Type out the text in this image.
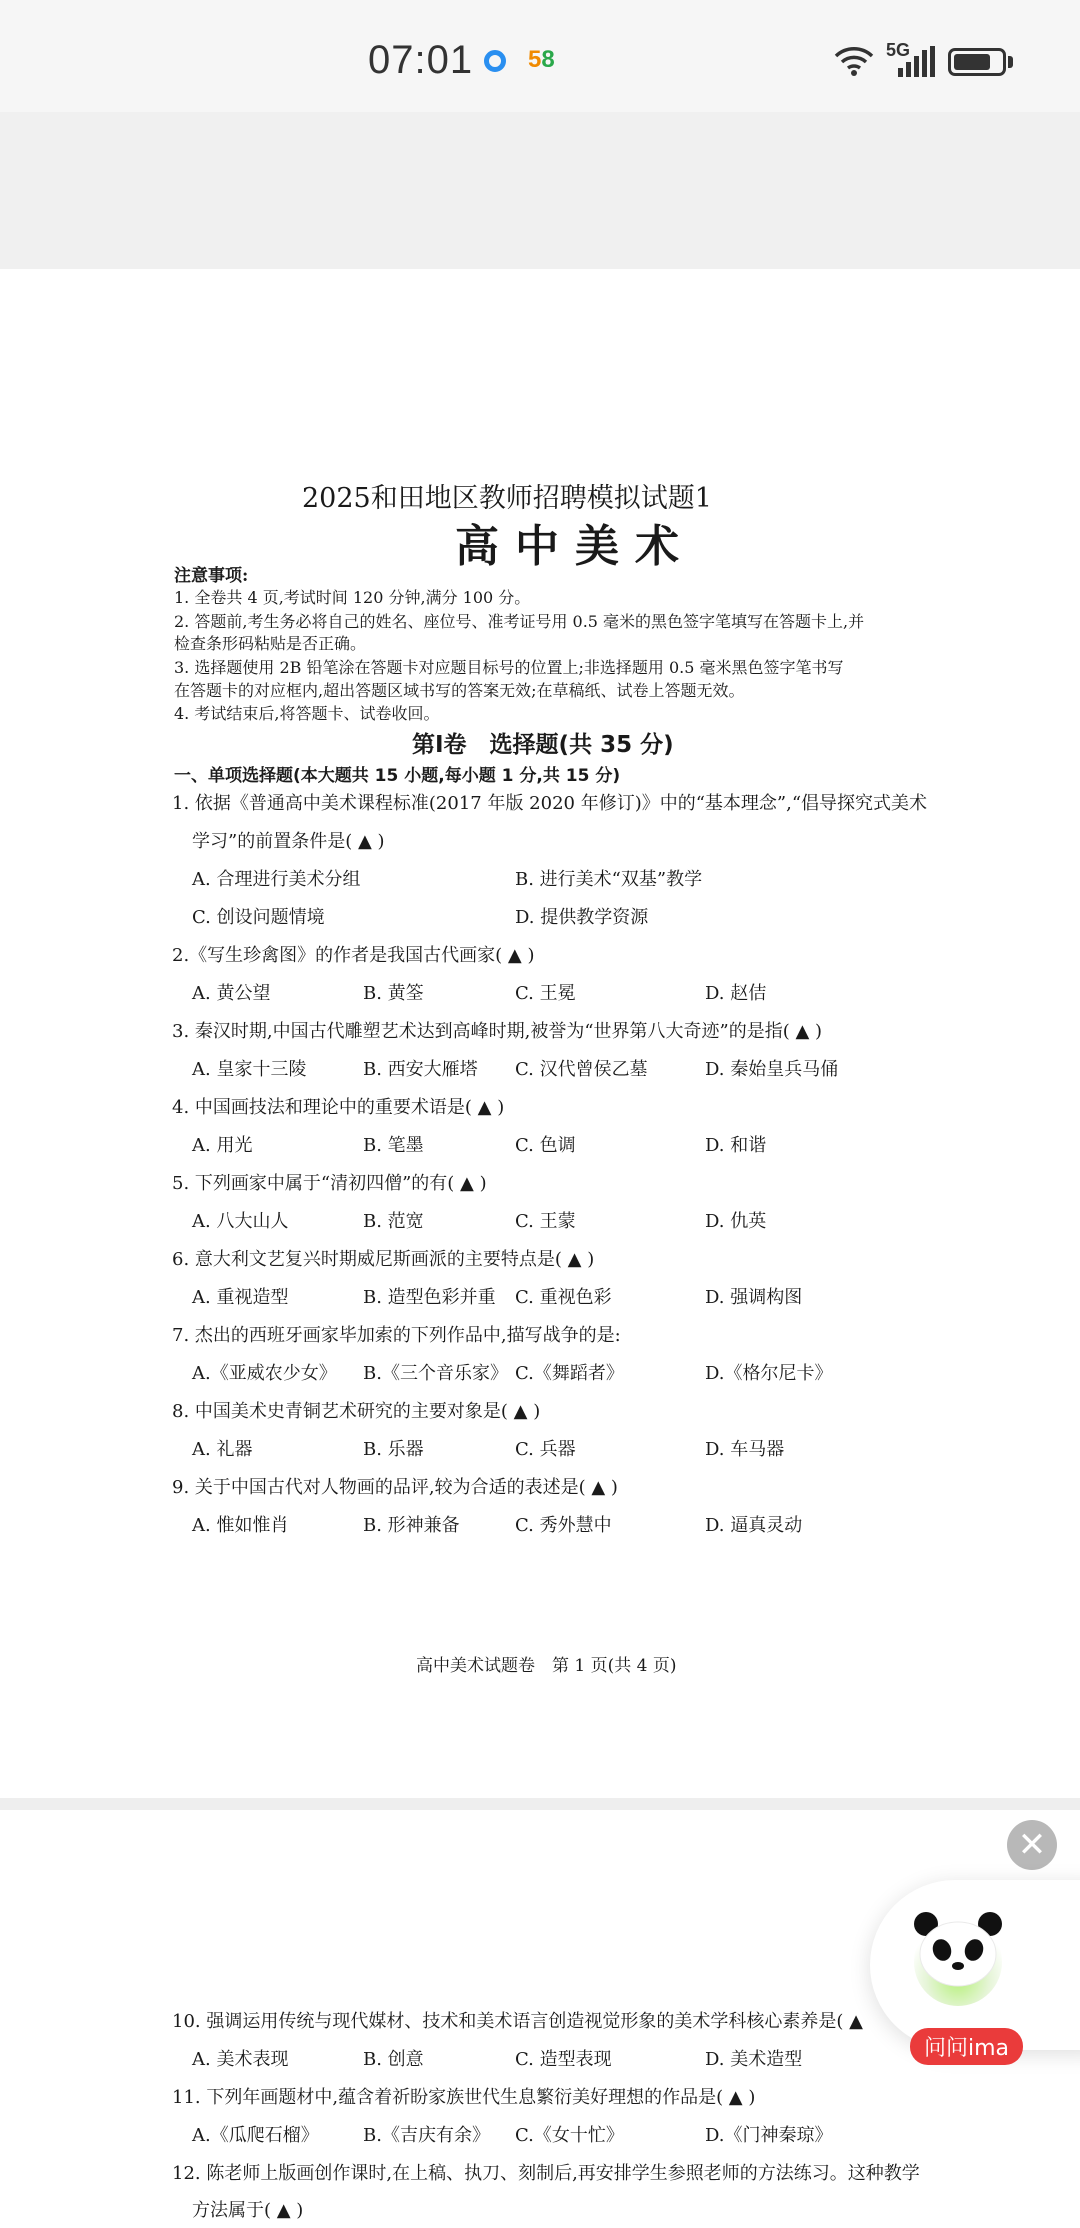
07:01 58	5G
2025和田地区教师招聘模拟试题1
高中美术
注意事项:
1. 全卷共 4 页,考试时间 120 分钟,满分 100 分。
2. 答题前,考生务必将自己的姓名、座位号、准考证号用 0.5 毫米的黑色签字笔填写在答题卡上,并
检查条形码粘贴是否正确。
3. 选择题使用 2B 铅笔涂在答题卡对应题目标号的位置上;非选择题用 0.5 毫米黑色签字笔书写
在答题卡的对应框内,超出答题区域书写的答案无效;在草稿纸、试卷上答题无效。
4. 考试结束后,将答题卡、试卷收回。
第Ⅰ卷　选择题(共 35 分)
一、单项选择题(本大题共 15 小题,每小题 1 分,共 15 分)
1. 依据《普通高中美术课程标准(2017 年版 2020 年修订)》中的“基本理念”,“倡导探究式美术
学习”的前置条件是( ▲ )
A. 合理进行美术分组	B. 进行美术“双基”教学
C. 创设问题情境	D. 提供教学资源
2.《写生珍禽图》的作者是我国古代画家( ▲ )
A. 黄公望	B. 黄筌	C. 王冕	D. 赵佶
3. 秦汉时期,中国古代雕塑艺术达到高峰时期,被誉为“世界第八大奇迹”的是指( ▲ )
A. 皇家十三陵	B. 西安大雁塔 C. 汉代曾侯乙墓	D. 秦始皇兵马俑
4. 中国画技法和理论中的重要术语是( ▲ )
A. 用光	B. 笔墨	C. 色调	D. 和谐
5. 下列画家中属于“清初四僧”的有( ▲ )
A. 八大山人	B. 范宽	C. 王蒙	D. 仇英
6. 意大利文艺复兴时期威尼斯画派的主要特点是( ▲ )
A. 重视造型	B. 造型色彩并重 C. 重视色彩	D. 强调构图
7. 杰出的西班牙画家毕加索的下列作品中,描写战争的是:
A.《亚威农少女》 B.《三个音乐家》 C.《舞蹈者》	D.《格尔尼卡》
8. 中国美术史青铜艺术研究的主要对象是( ▲ )
A. 礼器	B. 乐器	C. 兵器	D. 车马器
9. 关于中国古代对人物画的品评,较为合适的表述是( ▲ )
A. 惟如惟肖	B. 形神兼备	C. 秀外慧中	D. 逼真灵动
高中美术试题卷　第 1 页(共 4 页)
10. 强调运用传统与现代媒材、技术和美术语言创造视觉形象的美术学科核心素养是( ▲
A. 美术表现	B. 创意	C. 造型表现	D. 美术造型
11. 下列年画题材中,蕴含着祈盼家族世代生息繁衍美好理想的作品是( ▲ )
A.《瓜爬石榴》 B.《吉庆有余》 C.《女十忙》	D.《门神秦琼》
12. 陈老师上版画创作课时,在上稿、执刀、刻制后,再安排学生参照老师的方法练习。这种教学
方法属于( ▲ )
✕
问问ima
